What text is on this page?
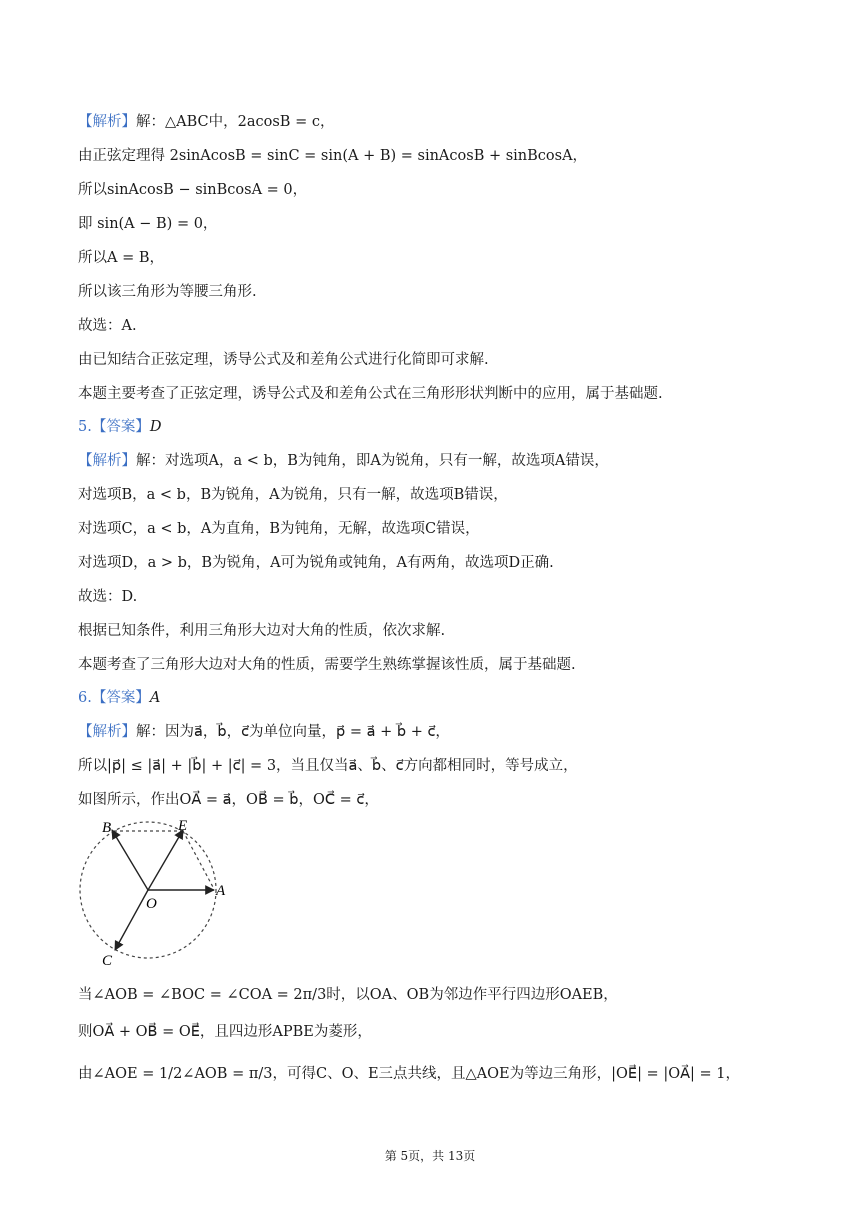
【解析】解：△ABC中，2acosB = c，
由正弦定理得 2sinAcosB = sinC = sin(A + B) = sinAcosB + sinBcosA，
所以sinAcosB − sinBcosA = 0，
即 sin(A − B) = 0，
所以A = B，
所以该三角形为等腰三角形.
故选：A.
由已知结合正弦定理，诱导公式及和差角公式进行化简即可求解.
本题主要考查了正弦定理，诱导公式及和差角公式在三角形形状判断中的应用，属于基础题.
5.【答案】D
【解析】解：对选项A，a < b，B为钝角，即A为锐角，只有一解，故选项A错误，
对选项B，a < b，B为锐角，A为锐角，只有一解，故选项B错误，
对选项C，a < b，A为直角，B为钝角，无解，故选项C错误，
对选项D，a > b，B为锐角，A可为锐角或钝角，A有两角，故选项D正确.
故选：D.
根据已知条件，利用三角形大边对大角的性质，依次求解.
本题考查了三角形大边对大角的性质，需要学生熟练掌握该性质，属于基础题.
6.【答案】A
【解析】解：因为a⃗，b⃗，c⃗为单位向量，p⃗ = a⃗ + b⃗ + c⃗，
所以|p⃗| ≤ |a⃗| + |b⃗| + |c⃗| = 3，当且仅当a⃗、b⃗、c⃗方向都相同时，等号成立，
如图所示，作出OA⃗ = a⃗，OB⃗ = b⃗，OC⃗ = c⃗，
B	E
A
O
C
当∠AOB = ∠BOC = ∠COA = 2π/3时，以OA、OB为邻边作平行四边形OAEB，
则OA⃗ + OB⃗ = OE⃗，且四边形APBE为菱形，
由∠AOE = 1/2∠AOB = π/3，可得C、O、E三点共线，且△AOE为等边三角形，|OE⃗| = |OA⃗| = 1，
第 5页，共 13页
